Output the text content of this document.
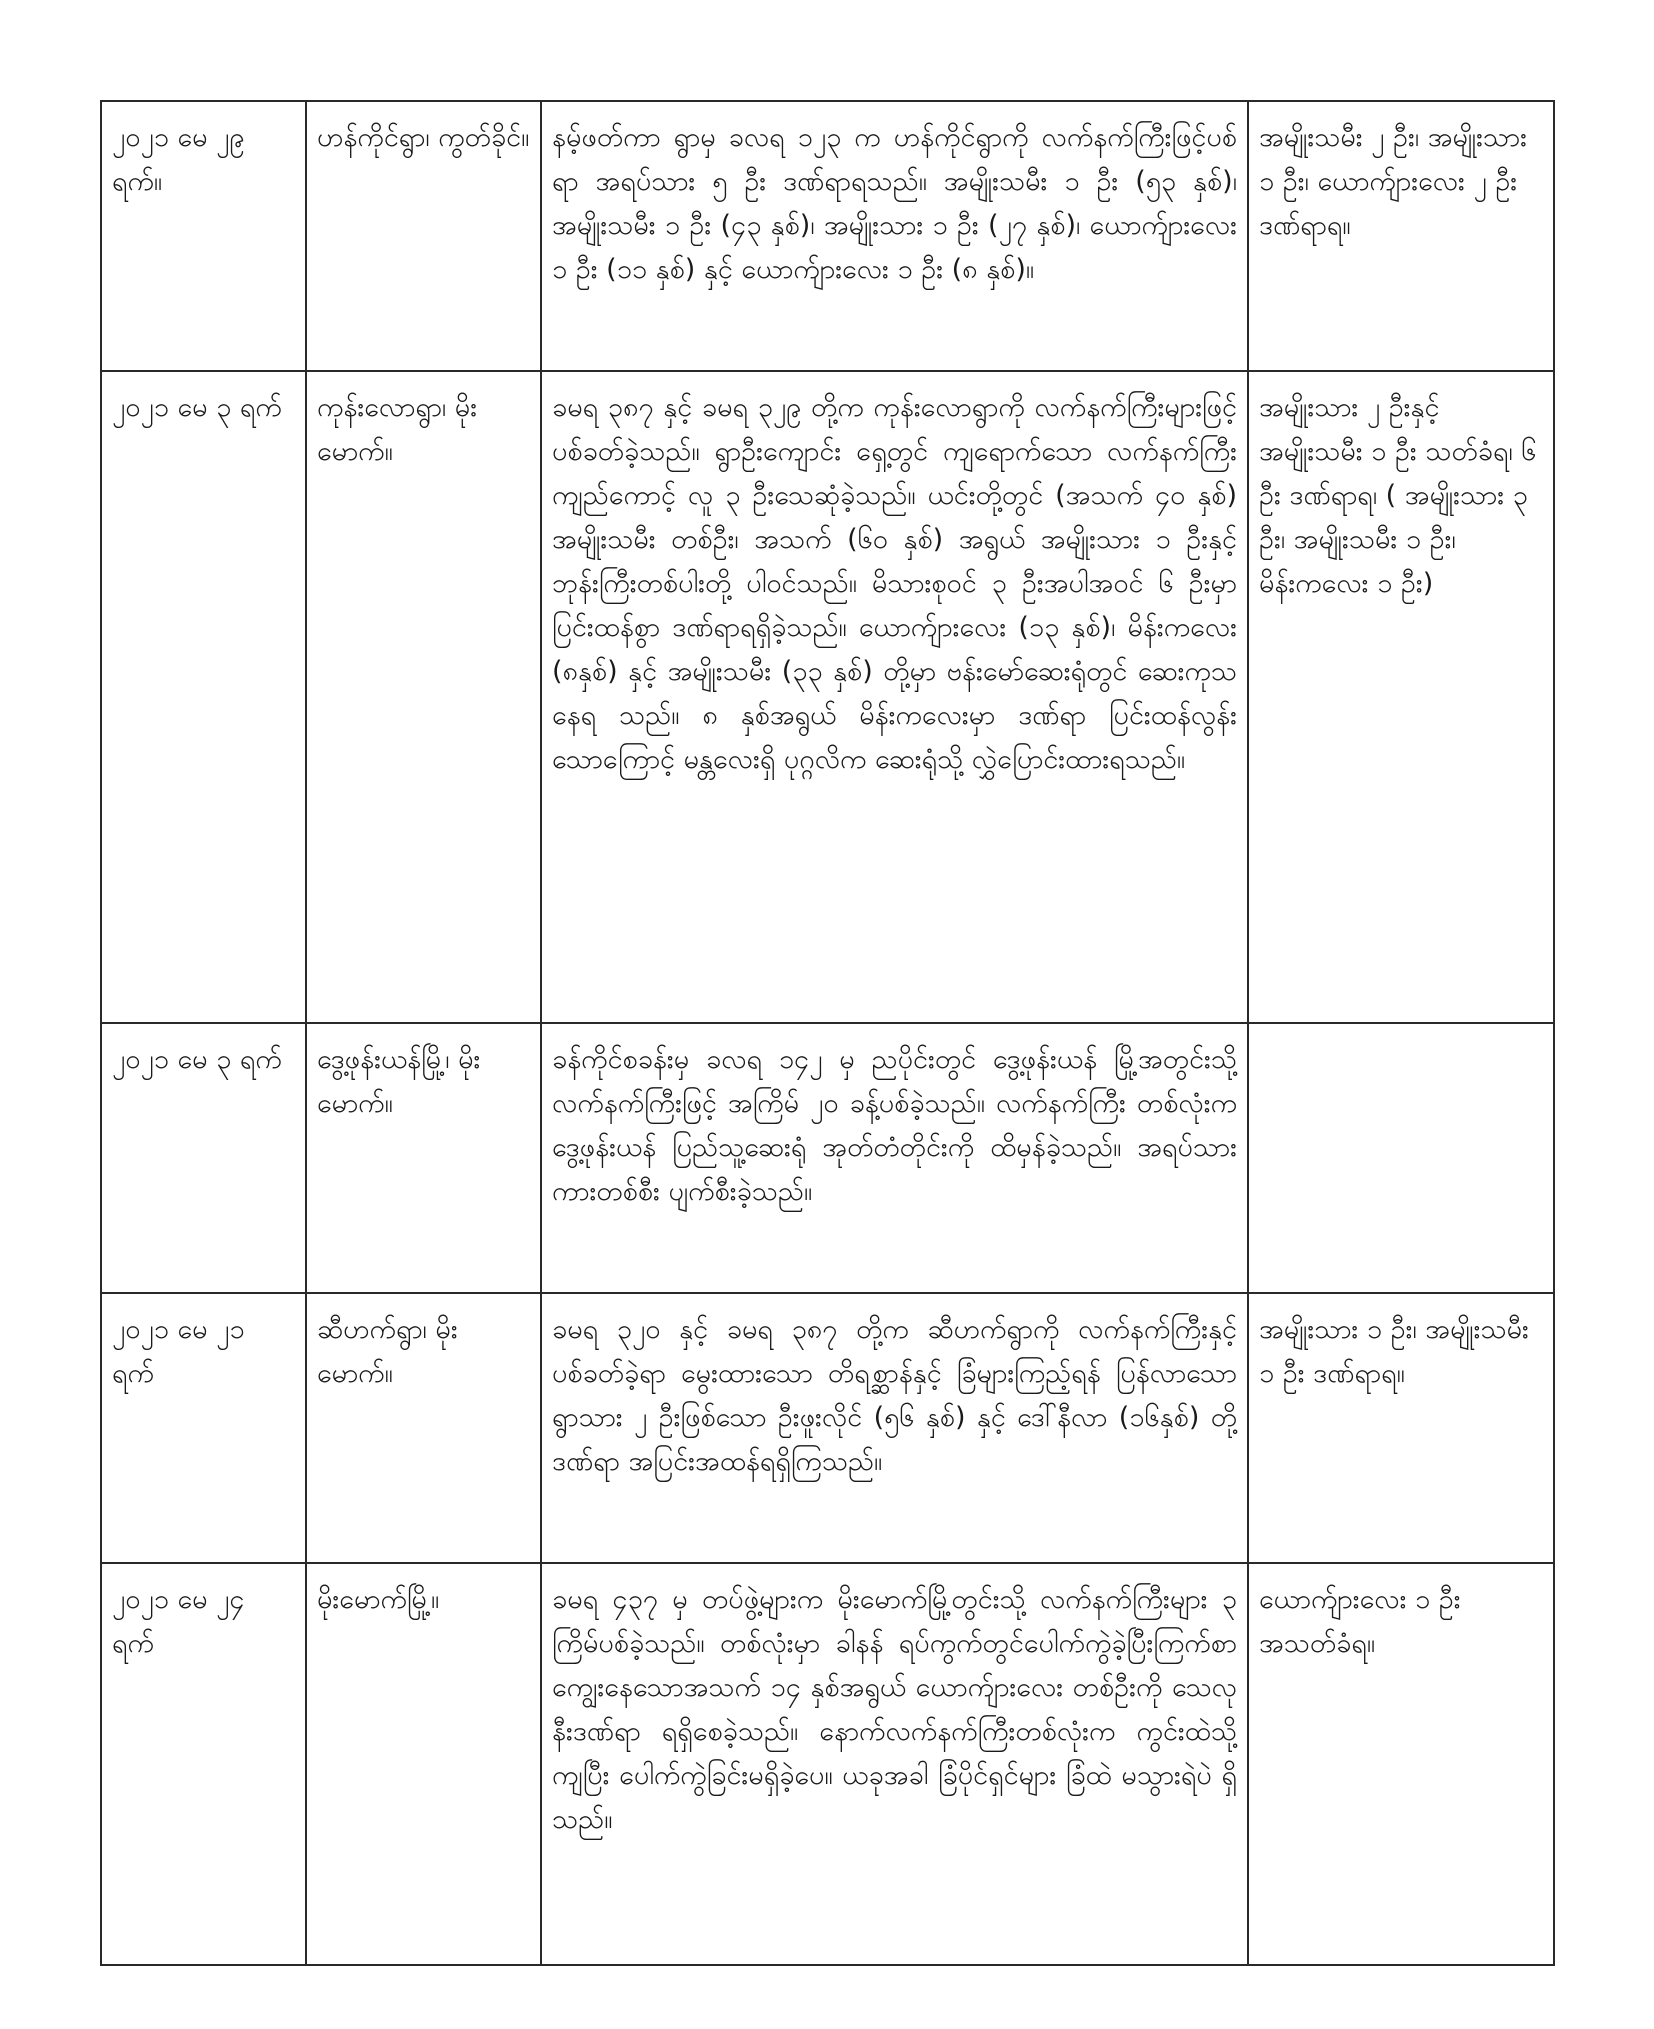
၂၀၂၁ မေ ၂၉ ရက်။	ဟန်ကိုင်ရွာ၊ ကွတ်ခိုင်။	နမ့်ဖတ်ကာ ရွာမှ ခလရ ၁၂၃ က ဟန်ကိုင်ရွာကို လက်နက်ကြီးဖြင့်ပစ်ရာ အရပ်သား ၅ ဦး ဒဏ်ရာရသည်။ အမျိုးသမီး ၁ ဦး (၅၃ နှစ်)၊ အမျိုးသမီး ၁ ဦး (၄၃ နှစ်)၊ အမျိုးသား ၁ ဦး (၂၇ နှစ်)၊ ယောက်ျားလေး ၁ ဦး (၁၁ နှစ်) နှင့် ယောက်ျားလေး ၁ ဦး (၈ နှစ်)။	အမျိုးသမီး ၂ ဦး၊ အမျိုးသား ၁ ဦး၊ ယောက်ျားလေး ၂ ဦး ဒဏ်ရာရ။
၂၀၂၁ မေ ၃ ရက်	ကုန်းလောရွာ၊ မိုးမောက်။	ခမရ ၃၈၇ နှင့် ခမရ ၃၂၉ တို့က ကုန်းလောရွာကို လက်နက်ကြီးများဖြင့် ပစ်ခတ်ခဲ့သည်။ ရွာဦးကျောင်း ရှေ့တွင် ကျရောက်သော လက်နက်ကြီး ကျည်ကောင့် လူ ၃ ဦးသေဆုံခဲ့သည်။ ယင်းတို့တွင် (အသက် ၄၀ နှစ်) အမျိုးသမီး တစ်ဦး၊ အသက် (၆၀ နှစ်) အရွယ် အမျိုးသား ၁ ဦးနှင့် ဘုန်းကြီးတစ်ပါးတို့ ပါဝင်သည်။ မိသားစုဝင် ၃ ဦးအပါအဝင် ၆ ဦးမှာ ပြင်းထန်စွာ ဒဏ်ရာရရှိခဲ့သည်။ ယောက်ျားလေး (၁၃ နှစ်)၊ မိန်းကလေး (၈နှစ်) နှင့် အမျိုးသမီး (၃၃ နှစ်) တို့မှာ ဗန်းမော်ဆေးရုံတွင် ဆေးကုသနေရ သည်။ ၈ နှစ်အရွယ် မိန်းကလေးမှာ ဒဏ်ရာ ပြင်းထန်လွန်းသောကြောင့် မန္တလေးရှိ ပုဂ္ဂလိက ဆေးရုံသို့ လွှဲပြောင်းထားရသည်။	အမျိုးသား ၂ ဦးနှင့် အမျိုးသမီး ၁ ဦး သတ်ခံရ၊ ၆ ဦး ဒဏ်ရာရ၊ ( အမျိုးသား ၃ ဦး၊ အမျိုးသမီး ၁ ဦး၊ မိန်းကလေး ၁ ဦး)
၂၀၂၁ မေ ၃ ရက်	ဒွေ့ဖုန်းယန်မြို့၊ မိုးမောက်။	ခန်ကိုင်စခန်းမှ ခလရ ၁၄၂ မှ ညပိုင်းတွင် ဒွေ့ဖုန်းယန် မြို့အတွင်းသို့ လက်နက်ကြီးဖြင့် အကြိမ် ၂၀ ခန့်ပစ်ခဲ့သည်။ လက်နက်ကြီး တစ်လုံးက ဒွေ့ဖုန်းယန် ပြည်သူ့ဆေးရုံ အုတ်တံတိုင်းကို ထိမှန်ခဲ့သည်။ အရပ်သား ကားတစ်စီး ပျက်စီးခဲ့သည်။	
၂၀၂၁ မေ ၂၁ ရက်	ဆီဟက်ရွာ၊ မိုးမောက်။	ခမရ ၃၂၀ နှင့် ခမရ ၃၈၇ တို့က ဆီဟက်ရွာကို လက်နက်ကြီးနှင့် ပစ်ခတ်ခဲ့ရာ မွေးထားသော တိရစ္ဆာန်နှင့် ခြံများကြည့်ရန် ပြန်လာသော ရွာသား ၂ ဦးဖြစ်သော ဦးဖူးလိုင် (၅၆ နှစ်) နှင့် ဒေါ်နီလာ (၁၆နှစ်) တို့ ဒဏ်ရာ အပြင်းအထန်ရရှိကြသည်။	အမျိုးသား ၁ ဦး၊ အမျိုးသမီး ၁ ဦး ဒဏ်ရာရ။
၂၀၂၁ မေ ၂၄ ရက်	မိုးမောက်မြို့။	ခမရ ၄၃၇ မှ တပ်ဖွဲ့များက မိုးမောက်မြို့တွင်းသို့ လက်နက်ကြီးများ ၃ ကြိမ်ပစ်ခဲ့သည်။ တစ်လုံးမှာ ခါနန် ရပ်ကွက်တွင်ပေါက်ကွဲခဲ့ပြီးကြက်စာကျွေးနေသောအသက် ၁၄ နှစ်အရွယ် ယောက်ျားလေး တစ်ဦးကို သေလုနီးဒဏ်ရာ ရရှိစေခဲ့သည်။ နောက်လက်နက်ကြီးတစ်လုံးက ကွင်းထဲသို့ ကျပြီး ပေါက်ကွဲခြင်းမရှိခဲ့ပေ။ ယခုအခါ ခြံပိုင်ရှင်များ ခြံထဲ မသွားရဲပဲ ရှိသည်။	ယောက်ျားလေး ၁ ဦး အသတ်ခံရ။
